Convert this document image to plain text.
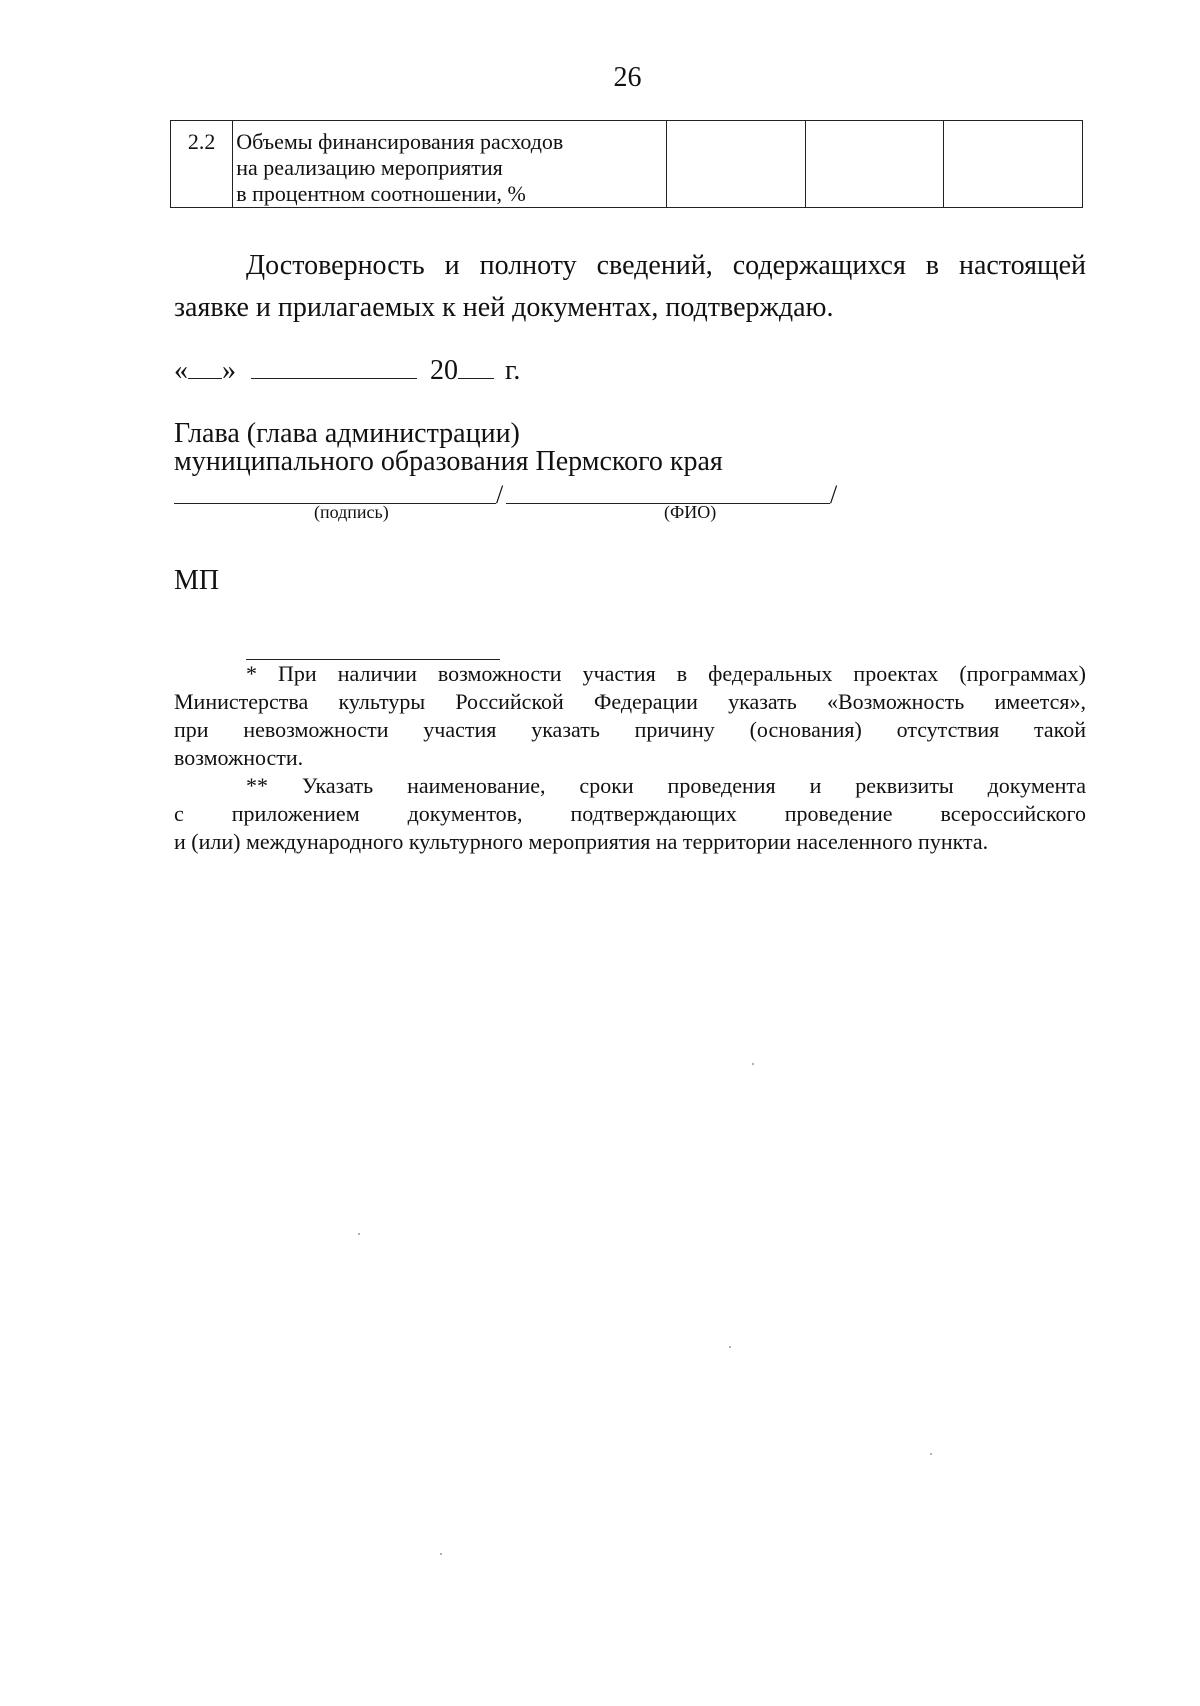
26
2.2	Объемы финансирования расходов
на реализацию мероприятия
в процентном соотношении, %

Достоверность и полноту сведений, содержащихся в настоящей
заявке и прилагаемых к ней документах, подтверждаю.
« »	20 г.
Глава (глава администрации)
муниципального образования Пермского края
/	/
(подпись)	(ФИО)
МП

* При наличии возможности участия в федеральных проектах (программах)
Министерства культуры Российской Федерации указать «Возможность имеется»,
при невозможности участия указать причину (основания) отсутствия такой
возможности.

** Указать наименование, сроки проведения и реквизиты документа
с приложением документов, подтверждающих проведение всероссийского
и (или) международного культурного мероприятия на территории населенного пункта.
